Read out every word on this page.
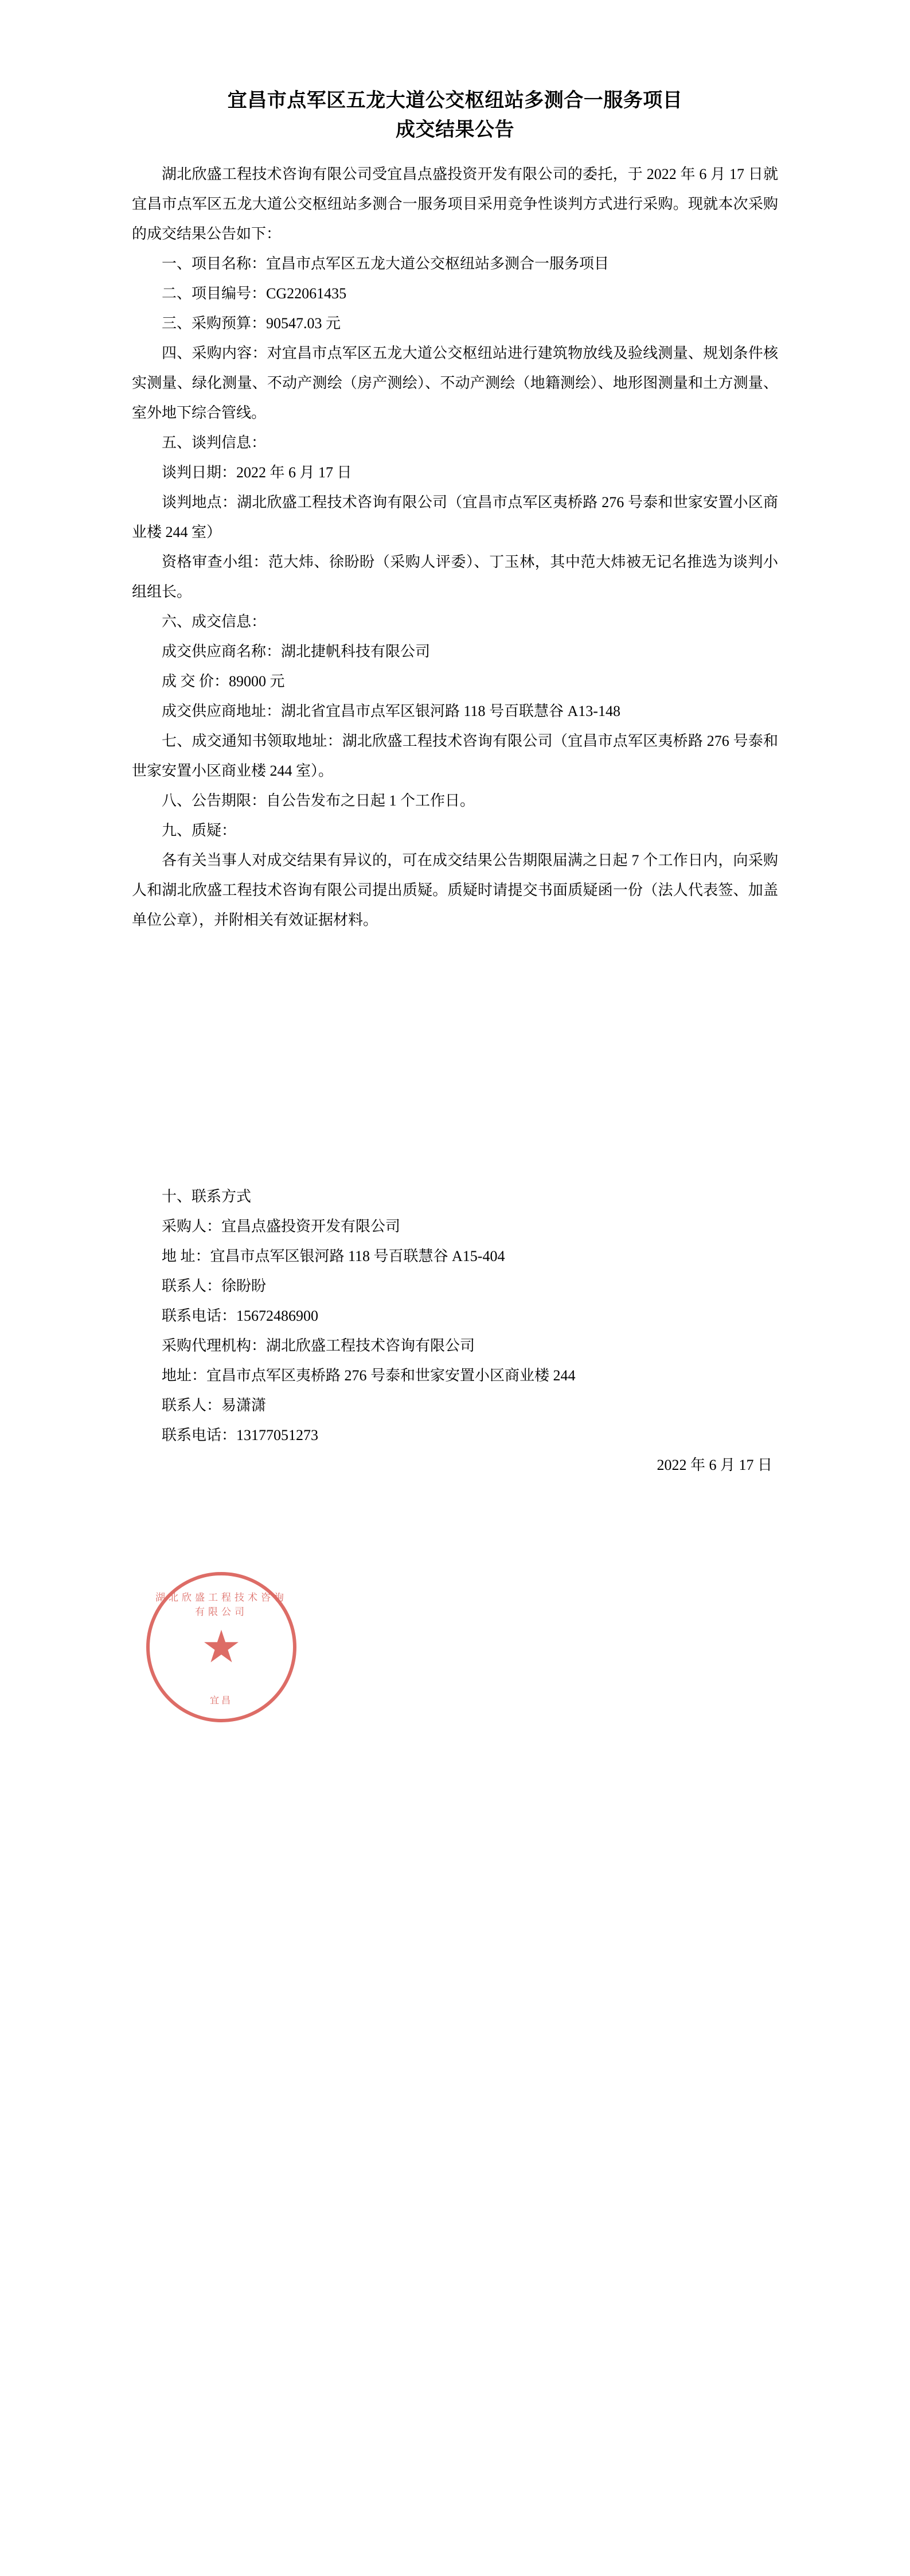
宜昌市点军区五龙大道公交枢纽站多测合一服务项目
成交结果公告

湖北欣盛工程技术咨询有限公司受宜昌点盛投资开发有限公司的委托，于 2022 年 6 月 17 日就宜昌市点军区五龙大道公交枢纽站多测合一服务项目采用竞争性谈判方式进行采购。现就本次采购的成交结果公告如下：

一、项目名称：宜昌市点军区五龙大道公交枢纽站多测合一服务项目

二、项目编号：CG22061435

三、采购预算：90547.03 元

四、采购内容：对宜昌市点军区五龙大道公交枢纽站进行建筑物放线及验线测量、规划条件核实测量、绿化测量、不动产测绘（房产测绘）、不动产测绘（地籍测绘）、地形图测量和土方测量、室外地下综合管线。

五、谈判信息：

谈判日期：2022 年 6 月 17 日

谈判地点：湖北欣盛工程技术咨询有限公司（宜昌市点军区夷桥路 276 号泰和世家安置小区商业楼 244 室）

资格审查小组：范大炜、徐盼盼（采购人评委）、丁玉林，其中范大炜被无记名推选为谈判小组组长。

六、成交信息：

成交供应商名称：湖北捷帆科技有限公司

成 交 价：89000 元

成交供应商地址：湖北省宜昌市点军区银河路 118 号百联慧谷 A13-148

七、成交通知书领取地址：湖北欣盛工程技术咨询有限公司（宜昌市点军区夷桥路 276 号泰和世家安置小区商业楼 244 室）。

八、公告期限：自公告发布之日起 1 个工作日。

九、质疑：

各有关当事人对成交结果有异议的，可在成交结果公告期限届满之日起 7 个工作日内，向采购人和湖北欣盛工程技术咨询有限公司提出质疑。质疑时请提交书面质疑函一份（法人代表签、加盖单位公章），并附相关有效证据材料。

十、联系方式

采购人：宜昌点盛投资开发有限公司

地 址：宜昌市点军区银河路 118 号百联慧谷 A15-404

联系人：徐盼盼

联系电话：15672486900

采购代理机构：湖北欣盛工程技术咨询有限公司

地址：宜昌市点军区夷桥路 276 号泰和世家安置小区商业楼 244

联系人：易潇潇

联系电话：13177051273

2022 年 6 月 17 日

湖北欣盛工程技术咨询有限公司
★
宜昌
